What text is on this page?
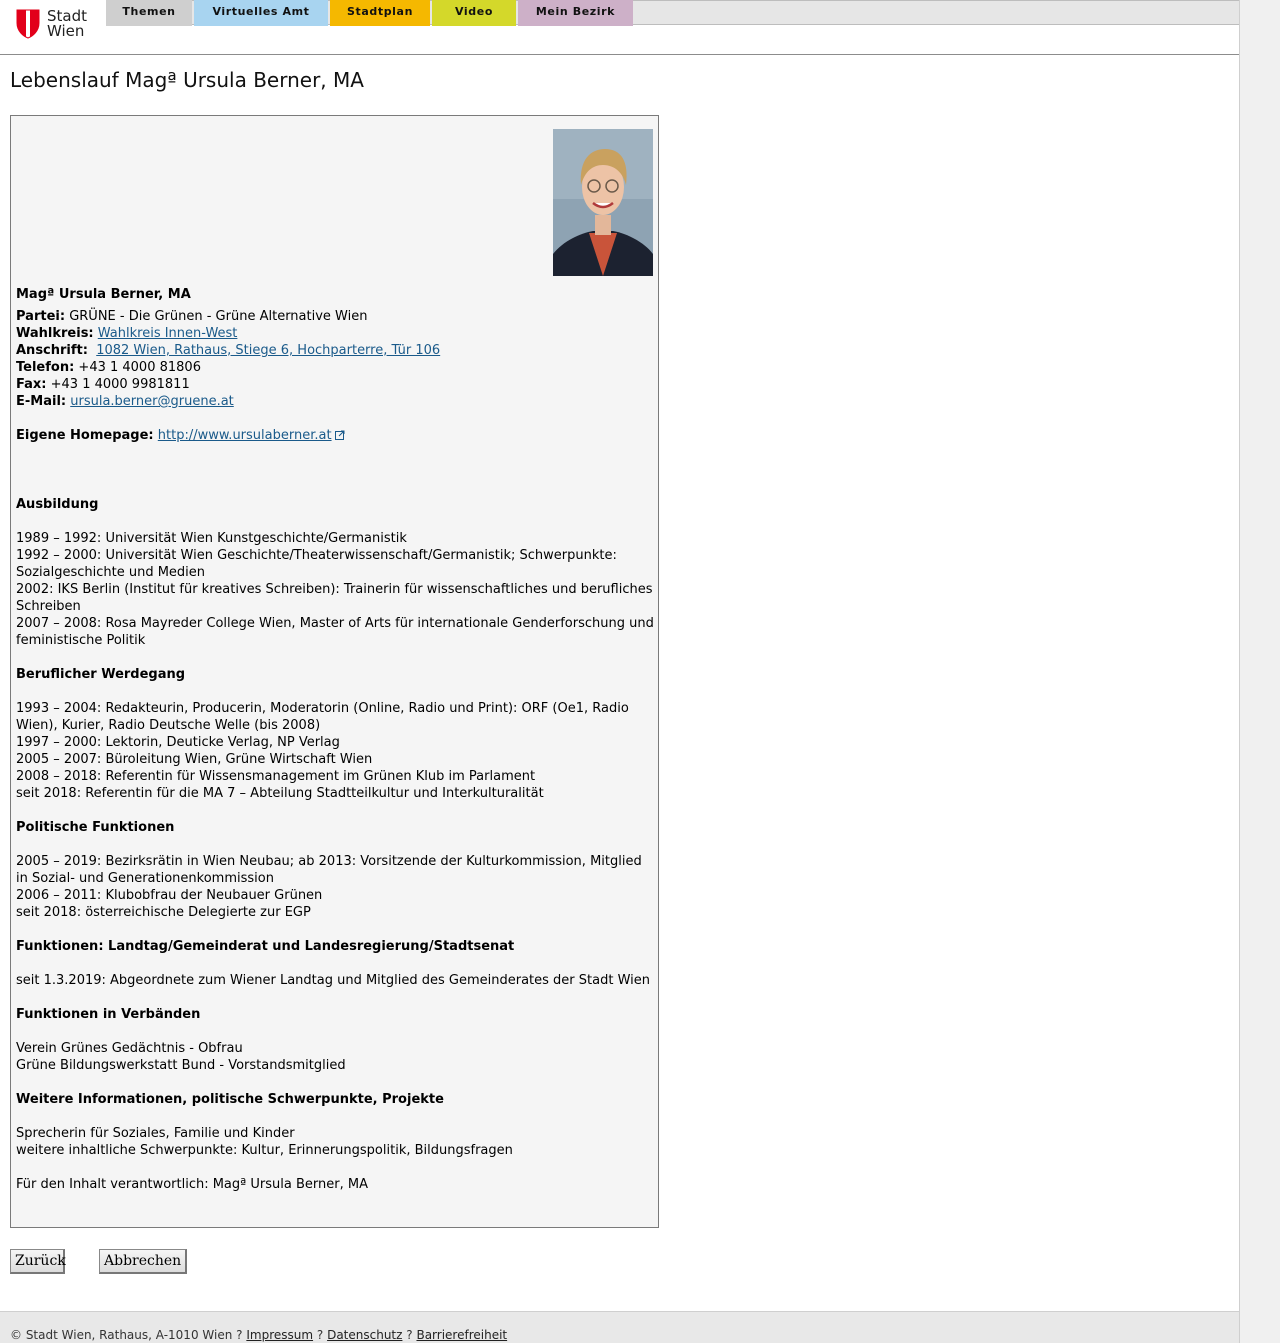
Stadt
Wien
Themen	Virtuelles Amt	Stadtplan	Video	Mein Bezirk
Lebenslauf Magª Ursula Berner, MA

Magª Ursula Berner, MA

Partei: GRÜNE - Die Grünen - Grüne Alternative Wien

Wahlkreis: Wahlkreis Innen-West

Anschrift: 1082 Wien, Rathaus, Stiege 6, Hochparterre, Tür 106

Telefon: +43 1 4000 81806

Fax: +43 1 4000 9981811

E-Mail: ursula.berner@gruene.at

Eigene Homepage: http://www.ursulaberner.at

Ausbildung

1989 – 1992: Universität Wien Kunstgeschichte/Germanistik

1992 – 2000: Universität Wien Geschichte/Theaterwissenschaft/Germanistik; Schwerpunkte: Sozialgeschichte und Medien

2002: IKS Berlin (Institut für kreatives Schreiben): Trainerin für wissenschaftliches und berufliches Schreiben

2007 – 2008: Rosa Mayreder College Wien, Master of Arts für internationale Genderforschung und feministische Politik

Beruflicher Werdegang

1993 – 2004: Redakteurin, Producerin, Moderatorin (Online, Radio und Print): ORF (Oe1, Radio Wien), Kurier, Radio Deutsche Welle (bis 2008)

1997 – 2000: Lektorin, Deuticke Verlag, NP Verlag

2005 – 2007: Büroleitung Wien, Grüne Wirtschaft Wien

2008 – 2018: Referentin für Wissensmanagement im Grünen Klub im Parlament

seit 2018: Referentin für die MA 7 – Abteilung Stadtteilkultur und Interkulturalität

Politische Funktionen

2005 – 2019: Bezirksrätin in Wien Neubau; ab 2013: Vorsitzende der Kulturkommission, Mitglied in Sozial- und Generationenkommission

2006 – 2011: Klubobfrau der Neubauer Grünen

seit 2018: österreichische Delegierte zur EGP

Funktionen: Landtag/Gemeinderat und Landesregierung/Stadtsenat

seit 1.3.2019: Abgeordnete zum Wiener Landtag und Mitglied des Gemeinderates der Stadt Wien

Funktionen in Verbänden

Verein Grünes Gedächtnis - Obfrau

Grüne Bildungswerkstatt Bund - Vorstandsmitglied

Weitere Informationen, politische Schwerpunkte, Projekte

Sprecherin für Soziales, Familie und Kinder

weitere inhaltliche Schwerpunkte: Kultur, Erinnerungspolitik, Bildungsfragen

Für den Inhalt verantwortlich: Magª Ursula Berner, MA

Zurück	Abbrechen
© Stadt Wien, Rathaus, A-1010 Wien ? Impressum ? Datenschutz ? Barrierefreiheit
